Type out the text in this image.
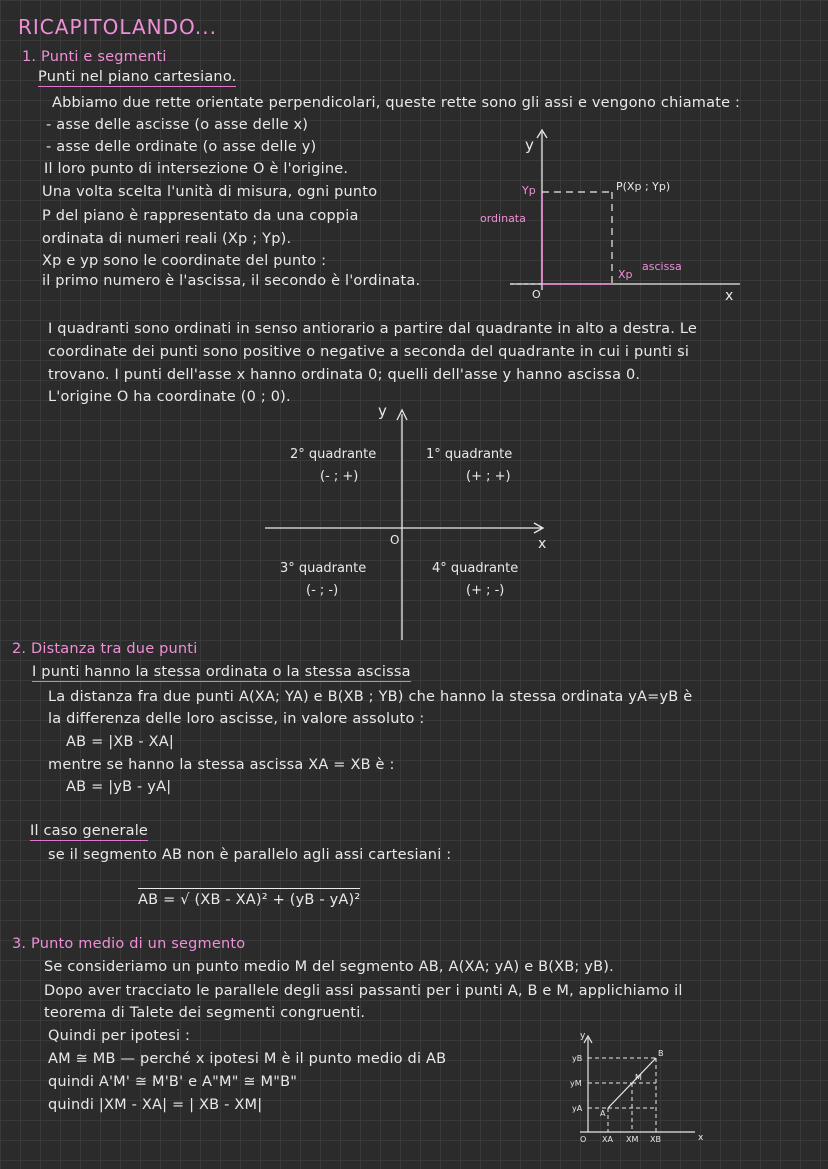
RICAPITOLANDO...
1. Punti e segmenti
Punti nel piano cartesiano.
Abbiamo due rette orientate perpendicolari, queste rette sono gli assi e vengono chiamate :
- asse delle ascisse (o asse delle x)
- asse delle ordinate (o asse delle y)
Il loro punto di intersezione O è l'origine.
Una volta scelta l'unità di misura, ogni punto
P del piano è rappresentato da una coppia
ordinata di numeri reali (Xp ; Yp).
Xp e yp sono le coordinate del punto :
il primo numero è l'ascissa, il secondo è l'ordinata.
y
x
O
Yp
Xp
P(Xp ; Yp)
ordinata
ascissa
I quadranti sono ordinati in senso antiorario a partire dal quadrante in alto a destra. Le
coordinate dei punti sono positive o negative a seconda del quadrante in cui i punti si
trovano. I punti dell'asse x hanno ordinata 0; quelli dell'asse y hanno ascissa 0.
L'origine O ha coordinate (0 ; 0).
y
x
O
2° quadrante
(- ; +)
1° quadrante
(+ ; +)
3° quadrante
(- ; -)
4° quadrante
(+ ; -)
2. Distanza tra due punti
I punti hanno la stessa ordinata o la stessa ascissa
La distanza fra due punti A(XA; YA) e B(XB ; YB) che hanno la stessa ordinata yA=yB è
la differenza delle loro ascisse, in valore assoluto :
AB = |XB - XA|
mentre se hanno la stessa ascissa XA = XB è :
AB = |yB - yA|
Il caso generale
se il segmento AB non è parallelo agli assi cartesiani :
AB = √ (XB - XA)² + (yB - yA)²
3. Punto medio di un segmento
Se consideriamo un punto medio M del segmento AB, A(XA; yA) e B(XB; yB).
Dopo aver tracciato le parallele degli assi passanti per i punti A, B e M, applichiamo il
teorema di Talete dei segmenti congruenti.
Quindi per ipotesi :
AM ≅ MB — perché x ipotesi M è il punto medio di AB
quindi A'M' ≅ M'B' e A"M" ≅ M"B"
quindi |XM - XA| = | XB - XM|
y
x
O
yB
yM
yA
XA XM XB
A
M
B
